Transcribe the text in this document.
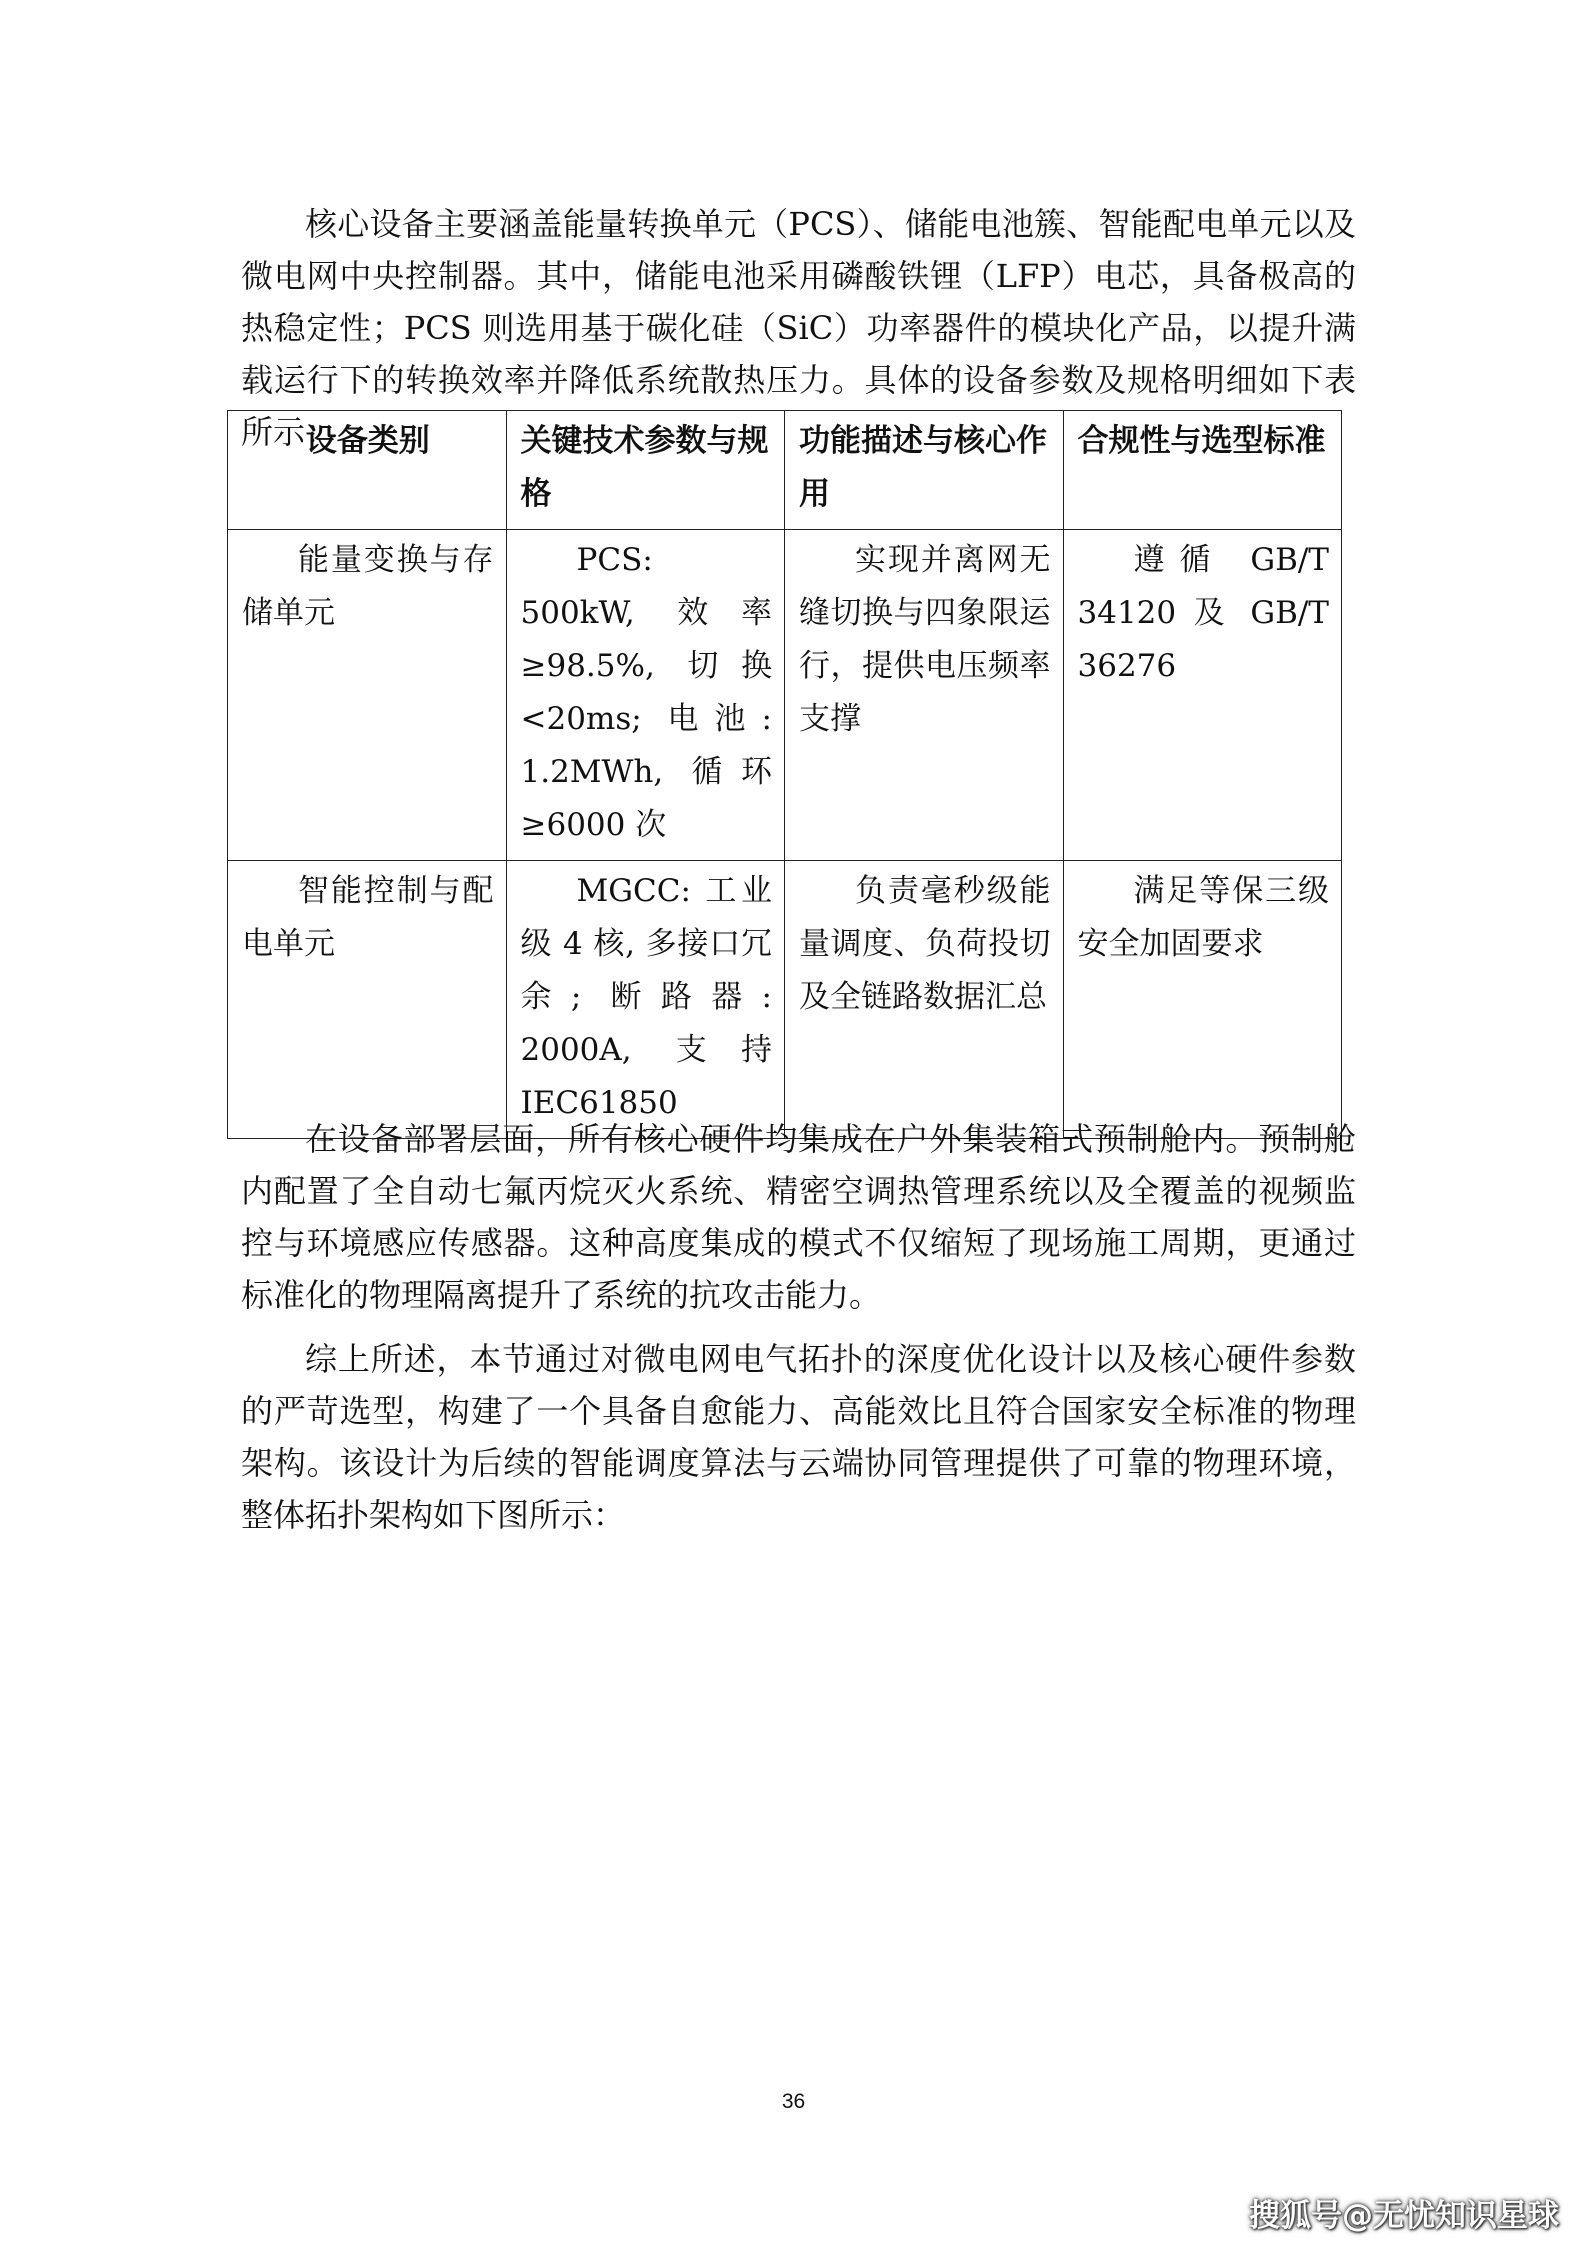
核心设备主要涵盖能量转换单元（PCS）、储能电池簇、智能配电单元以及微电网中央控制器。其中，储能电池采用磷酸铁锂（LFP）电芯，具备极高的热稳定性；PCS 则选用基于碳化硅（SiC）功率器件的模块化产品，以提升满载运行下的转换效率并降低系统散热压力。具体的设备参数及规格明细如下表所示：

设备类别	关键技术参数与规格	功能描述与核心作用	合规性与选型标准
能量变换与存储单元	PCS: 500kW, 效率≥98.5%, 切换<20ms; 电池: 1.2MWh, 循环≥6000 次	实现并离网无缝切换与四象限运行，提供电压频率支撑	遵循 GB/T 34120 及 GB/T 36276
智能控制与配电单元	MGCC: 工业级 4 核, 多接口冗余; 断路器: 2000A, 支持 IEC61850	负责毫秒级能量调度、负荷投切及全链路数据汇总	满足等保三级安全加固要求

在设备部署层面，所有核心硬件均集成在户外集装箱式预制舱内。预制舱内配置了全自动七氟丙烷灭火系统、精密空调热管理系统以及全覆盖的视频监控与环境感应传感器。这种高度集成的模式不仅缩短了现场施工周期，更通过标准化的物理隔离提升了系统的抗攻击能力。

综上所述，本节通过对微电网电气拓扑的深度优化设计以及核心硬件参数的严苛选型，构建了一个具备自愈能力、高能效比且符合国家安全标准的物理架构。该设计为后续的智能调度算法与云端协同管理提供了可靠的物理环境，整体拓扑架构如下图所示：

36
搜狐号@无忧知识星球
